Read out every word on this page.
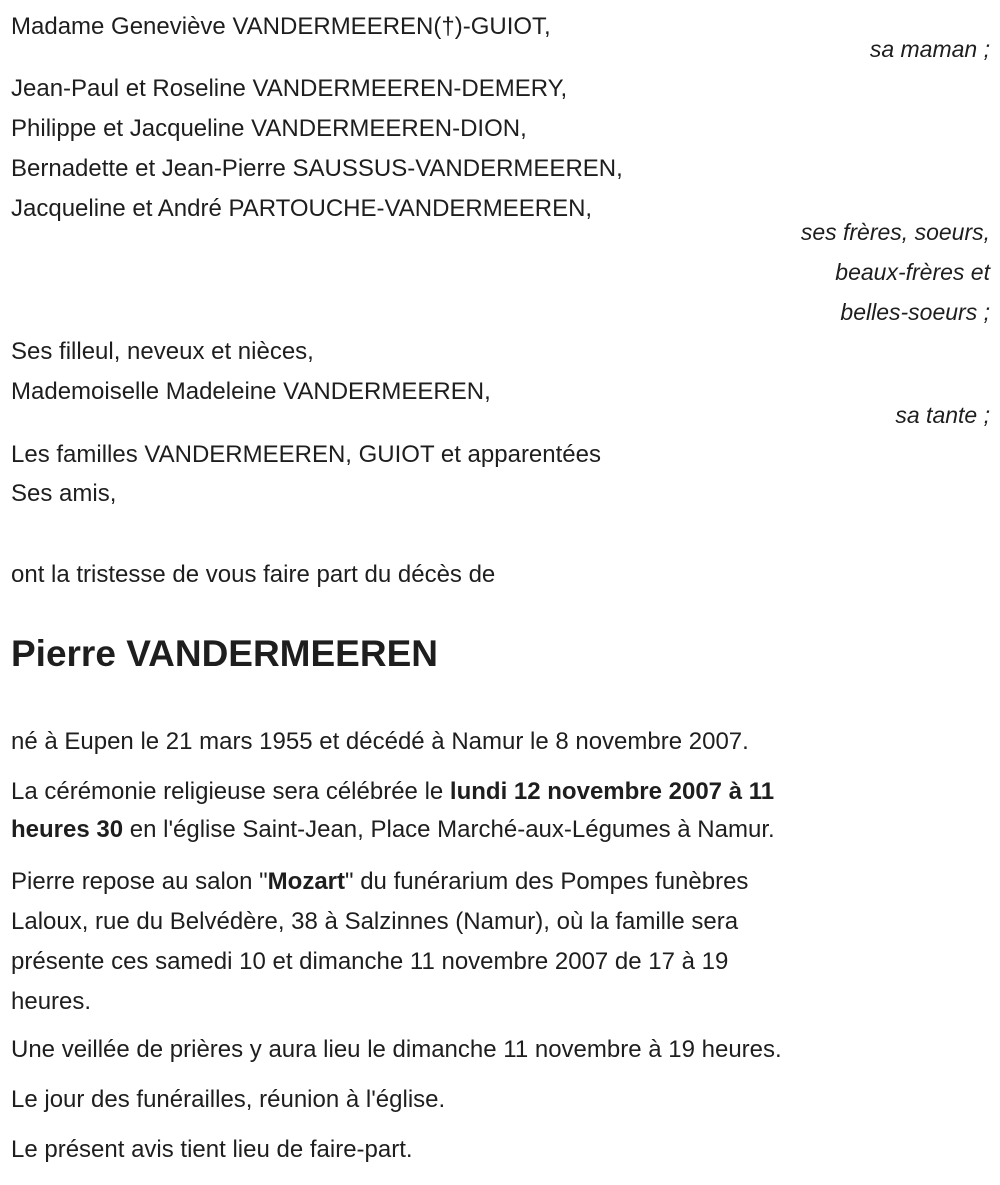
Madame Geneviève VANDERMEEREN(†)-GUIOT,
sa maman ;
Jean-Paul et Roseline VANDERMEEREN-DEMERY,
Philippe et Jacqueline VANDERMEEREN-DION,
Bernadette et Jean-Pierre SAUSSUS-VANDERMEEREN,
Jacqueline et André PARTOUCHE-VANDERMEEREN,
ses frères, soeurs,
beaux-frères et
belles-soeurs ;
Ses filleul, neveux et nièces,
Mademoiselle Madeleine VANDERMEEREN,
sa tante ;
Les familles VANDERMEEREN, GUIOT et apparentées
Ses amis,
ont la tristesse de vous faire part du décès de
Pierre VANDERMEEREN
né à Eupen le 21 mars 1955 et décédé à Namur le 8 novembre 2007.
La cérémonie religieuse sera célébrée le lundi 12 novembre 2007 à 11
heures 30 en l'église Saint-Jean, Place Marché-aux-Légumes à Namur.
Pierre repose au salon "Mozart" du funérarium des Pompes funèbres
Laloux, rue du Belvédère, 38 à Salzinnes (Namur), où la famille sera
présente ces samedi 10 et dimanche 11 novembre 2007 de 17 à 19
heures.
Une veillée de prières y aura lieu le dimanche 11 novembre à 19 heures.
Le jour des funérailles, réunion à l'église.
Le présent avis tient lieu de faire-part.
